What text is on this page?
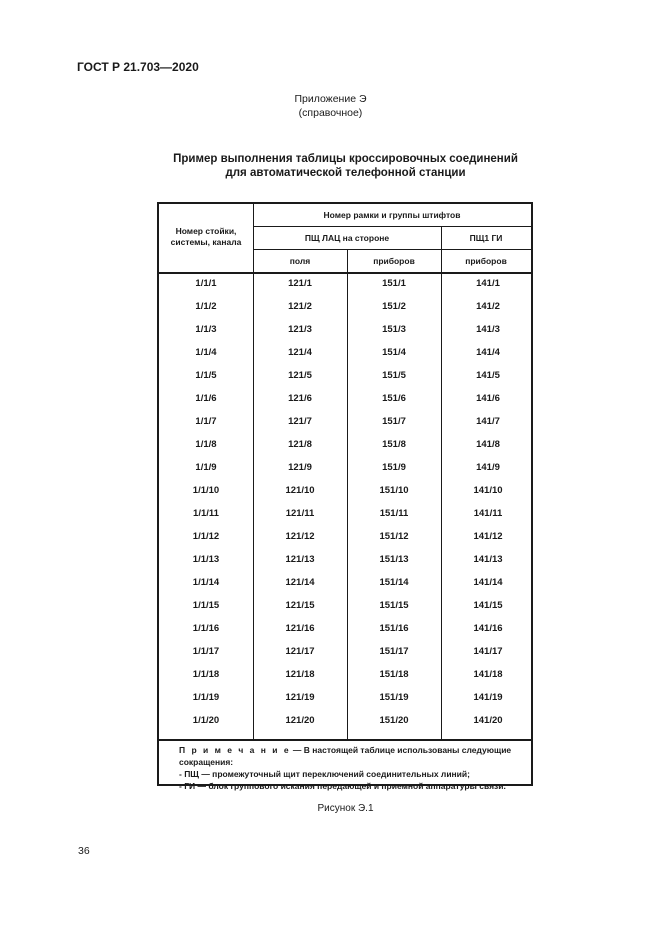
ГОСТ Р 21.703—2020
Приложение Э
(справочное)
Пример выполнения таблицы кроссировочных соединений
для автоматической телефонной станции
Номер стойки, системы, канала
Номер рамки и группы штифтов
ПЩ ЛАЦ на стороне	ПЩ1 ГИ
поля	приборов	приборов
1/1/1	121/1	151/1	141/1
1/1/2	121/2	151/2	141/2
1/1/3	121/3	151/3	141/3
1/1/4	121/4	151/4	141/4
1/1/5	121/5	151/5	141/5
1/1/6	121/6	151/6	141/6
1/1/7	121/7	151/7	141/7
1/1/8	121/8	151/8	141/8
1/1/9	121/9	151/9	141/9
1/1/10	121/10	151/10	141/10
1/1/11	121/11	151/11	141/11
1/1/12	121/12	151/12	141/12
1/1/13	121/13	151/13	141/13
1/1/14	121/14	151/14	141/14
1/1/15	121/15	151/15	141/15
1/1/16	121/16	151/16	141/16
1/1/17	121/17	151/17	141/17
1/1/18	121/18	151/18	141/18
1/1/19	121/19	151/19	141/19
1/1/20	121/20	151/20	141/20
П р и м е ч а н и е — В настоящей таблице использованы следующие сокращения:
- ПЩ — промежуточный щит переключений соединительных линий;
- ГИ — блок группового искания передающей и приемной аппаратуры связи.
Рисунок Э.1
36
